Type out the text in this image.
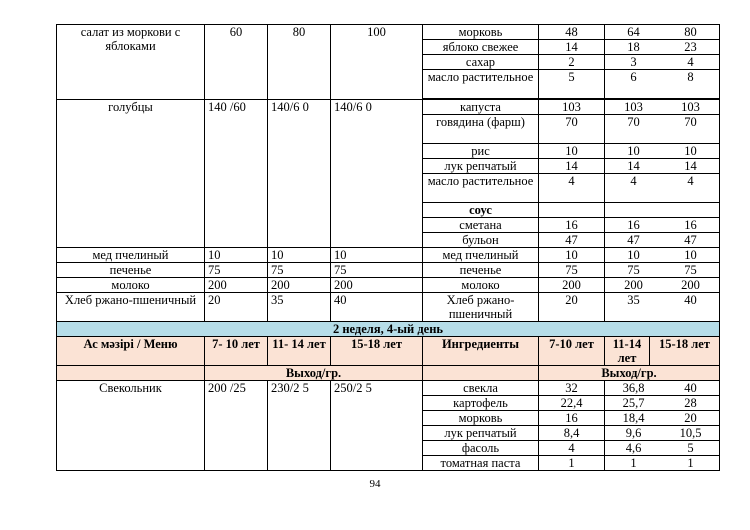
салат из моркови с яблоками	60	80	100	морковь	48	64 80	
				яблоко свежее	14	18 23	
				сахар	2	3 4	
				масло растительное	5	6 8	

голубцы	140 /60	140/6 0	140/6 0	капуста	103	103 103	
				говядина (фарш)	70	70 70	
				рис	10	10 10	
				лук репчатый	14	14 14	
				масло растительное	4	4 4	
				соус			
				сметана	16	16 16	
				бульон	47	47 47	
мед пчелиный	10	10	10	мед пчелиный	10	10 10	
печенье	75	75	75	печенье	75	75 75	
молоко	200	200	200	молоко	200	200 200	
Хлеб ржано-пшеничный	20	35	40	Хлеб ржано-пшеничный	20	35 40	
2 неделя, 4-ый день							
Ас мәзірі / Меню	7- 10 лет	11- 14 лет	15-18 лет	Ингредиенты	7-10 лет	11-14 лет	15-18 лет
	Выход/гр.				Выход/гр.		
Свекольник	200 /25	230/2 5	250/2 5	свекла	32	36,8 40	
				картофель	22,4	25,7 28	
				морковь	16	18,4 20	
				лук репчатый	8,4	9,6 10,5	
				фасоль	4	4,6 5	
				томатная паста	1	1 1	
94
